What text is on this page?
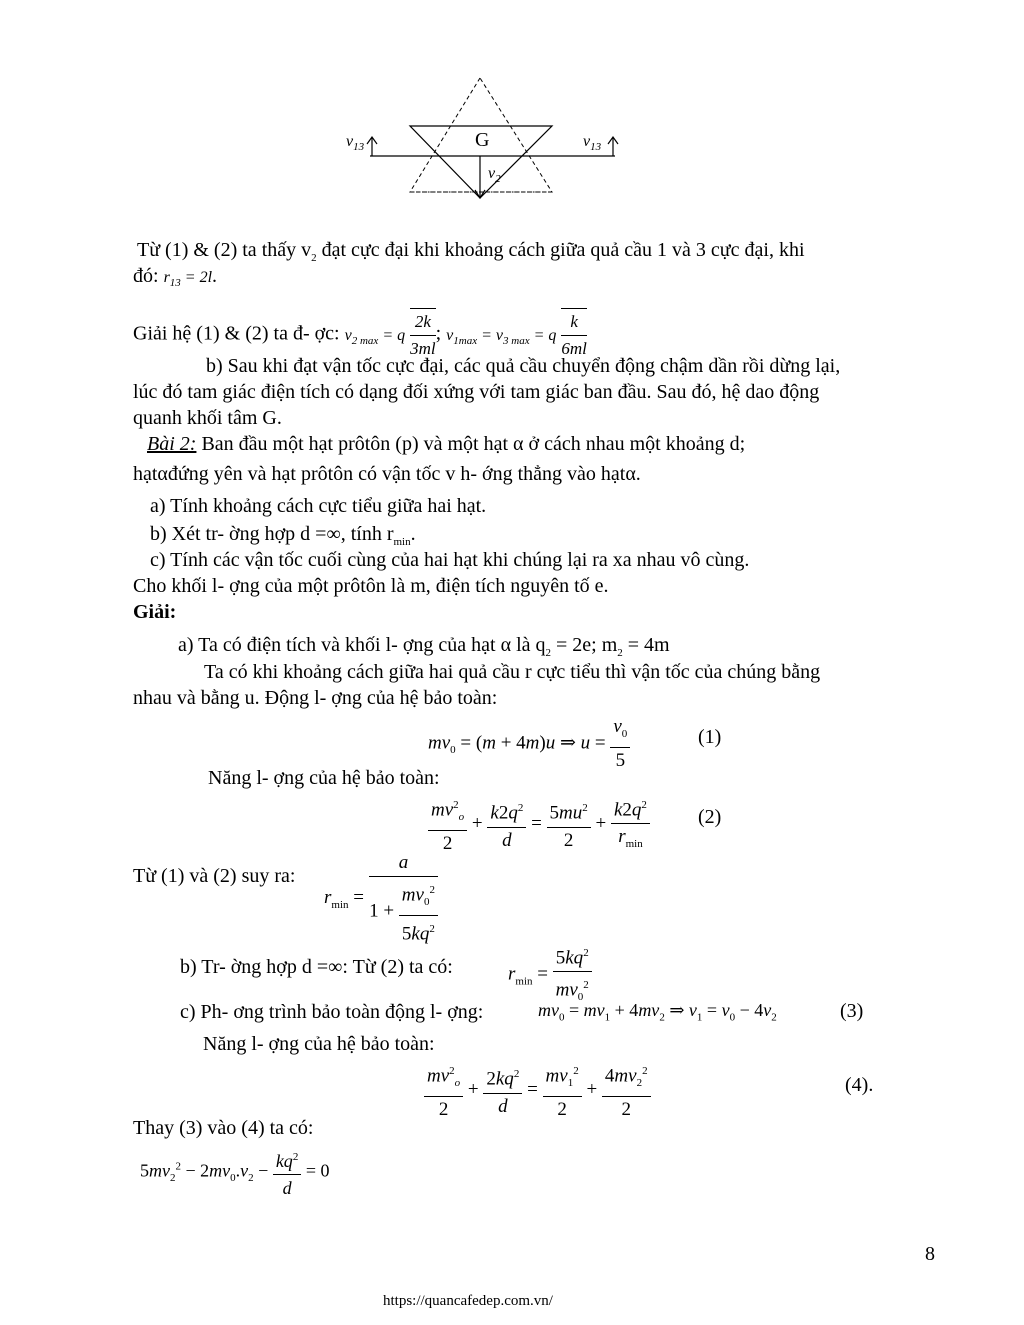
G
$v_{13}$	$v_{13}$
$v_2$
Từ (1) & (2) ta thấy $v_2$ đạt cực đại khi khoảng cách giữa quả cầu 1 và 3 cực đại, khi
đó: $r_{13} = 2l$.
Giải hệ (1) & (2) ta đ- ợc: $v_{2 max} = q \frac{2k}{3ml}$ ; $v_{1max} = v_{3 max} = q \frac{k}{6ml}$
b) Sau khi đạt vận tốc cực đại, các quả cầu chuyển động chậm dần rồi dừng lại,
lúc đó tam giác điện tích có dạng đối xứng với tam giác ban đầu. Sau đó, hệ dao động
quanh khối tâm G.
Bài 2: Ban đầu một hạt prôtôn (p) và một hạt α ở cách nhau một khoảng d;
hạtαđứng yên và hạt prôtôn có vận tốc v h- ớng thẳng vào hạtα.
a) Tính khoảng cách cực tiểu giữa hai hạt.
b) Xét tr- ờng hợp d =∞, tính $r_{min}$.
c) Tính các vận tốc cuối cùng của hai hạt khi chúng lại ra xa nhau vô cùng.
Cho khối l- ợng của một prôtôn là m, điện tích nguyên tố e.
Giải:
a) Ta có điện tích và khối l- ợng của hạt α là $q_2 = 2e$; $m_2 = 4m$
Ta có khi khoảng cách giữa hai quả cầu r cực tiểu thì vận tốc của chúng bằng
nhau và bằng u. Động l- ợng của hệ bảo toàn:
$mv_0 = (m + 4m)u$ ⇒ $u = \frac{v_0}{5}$	(1)
Năng l- ợng của hệ bảo toàn:
$\frac{mv^2_o}{2} + \frac{k2q^2}{d} = \frac{5mu^2}{2} + \frac{k2q^2}{r_{min}} (2)$
Từ (1) và (2) suy ra:
$r_{min} = \frac{a}{1 + \frac{mv_0^2}{5kq^2}}$
b) Tr- ờng hợp d =∞: Từ (2) ta có:	$r_{min} = \frac{5kq^2}{mv_0^2}$
c) Ph- ơng trình bảo toàn động l- ợng:	$mv_0 = mv_1 + 4mv_2$ ⇒ $v_1 = v_0 - 4v_2$	(3)
Năng l- ợng của hệ bảo toàn:
$\frac{mv^2_o}{2} + \frac{2kq^2}{d} = \frac{mv_1^2}{2} + \frac{4mv_2^2}{2}$	(4).
Thay (3) vào (4) ta có:
$5mv_2^2 - 2mv_0.v_2 - \frac{kq^2}{d} = 0$
8
https://quancafedep.com.vn/
